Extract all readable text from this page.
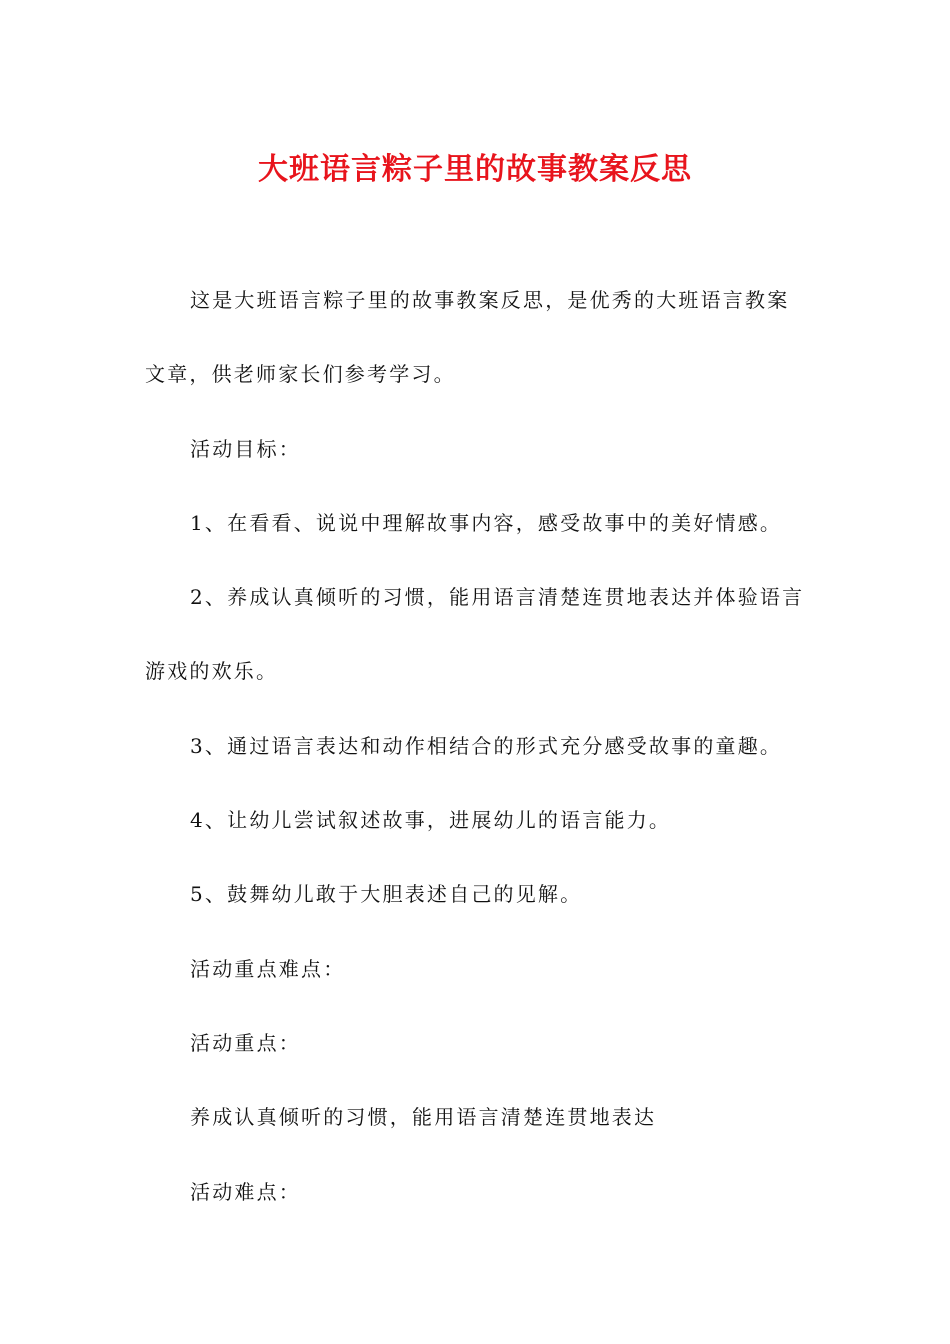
大班语言粽子里的故事教案反思
这是大班语言粽子里的故事教案反思，是优秀的大班语言教案
文章，供老师家长们参考学习。
活动目标：
1、在看看、说说中理解故事内容，感受故事中的美好情感。
2、养成认真倾听的习惯，能用语言清楚连贯地表达并体验语言
游戏的欢乐。
3、通过语言表达和动作相结合的形式充分感受故事的童趣。
4、让幼儿尝试叙述故事，进展幼儿的语言能力。
5、鼓舞幼儿敢于大胆表述自己的见解。
活动重点难点：
活动重点：
养成认真倾听的习惯，能用语言清楚连贯地表达
活动难点：
